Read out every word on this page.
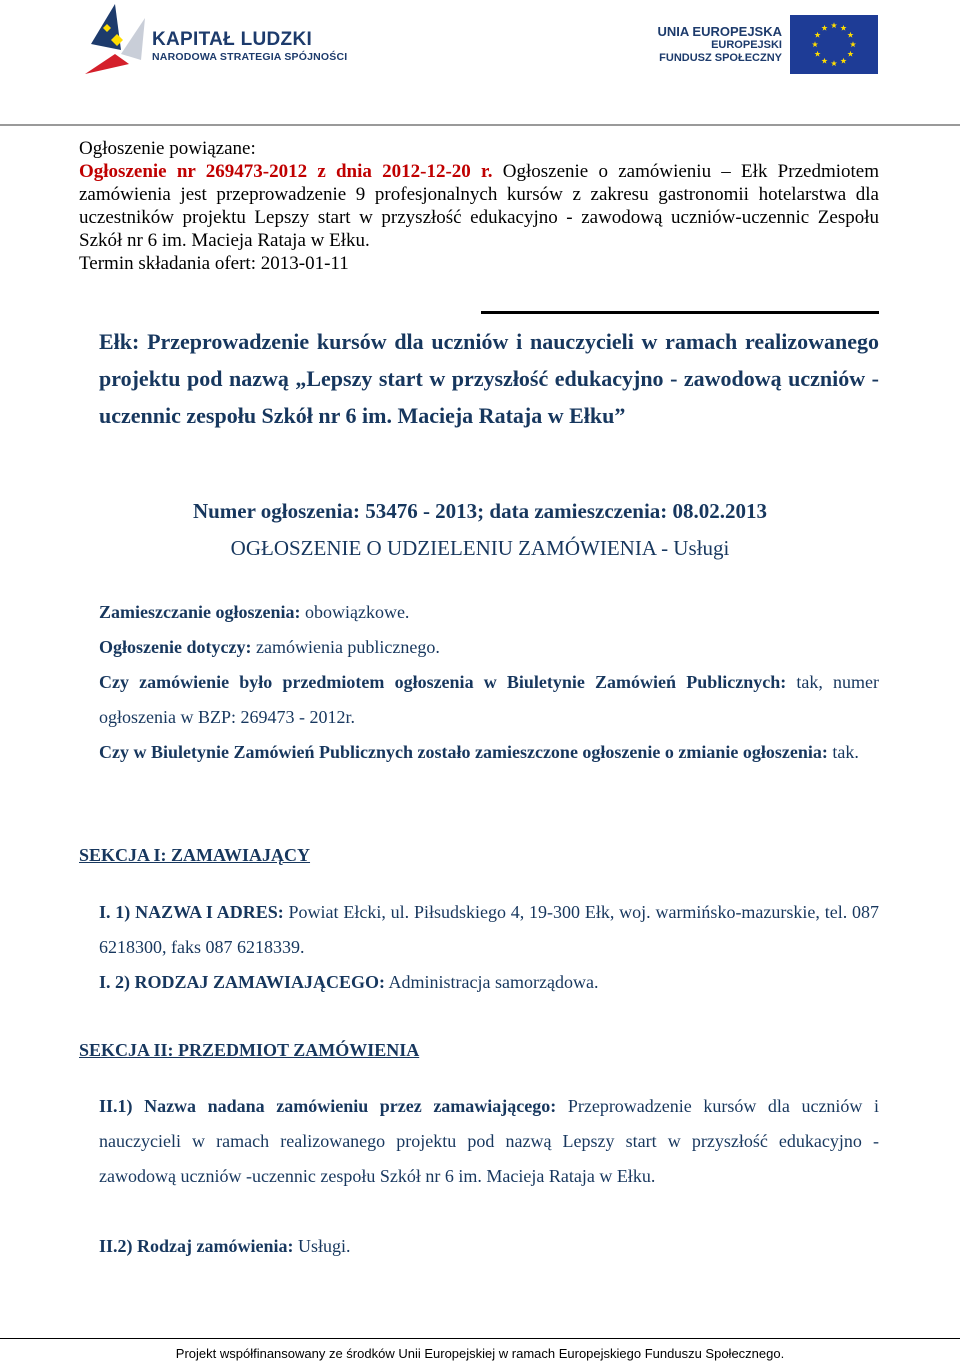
KAPITAŁ LUDZKI
NARODOWA STRATEGIA SPÓJNOŚCI
UNIA EUROPEJSKA
EUROPEJSKI
FUNDUSZ SPOŁECZNY

Ogłoszenie powiązane:

Ogłoszenie nr 269473-2012 z dnia 2012-12-20 r. Ogłoszenie o zamówieniu – Ełk Przedmiotem zamówienia jest przeprowadzenie 9 profesjonalnych kursów z zakresu gastronomii hotelarstwa dla uczestników projektu Lepszy start w przyszłość edukacyjno - zawodową uczniów-uczennic Zespołu Szkół nr 6 im. Macieja Rataja w Ełku.

Termin składania ofert: 2013-01-11

Ełk: Przeprowadzenie kursów dla uczniów i nauczycieli w ramach realizowanego projektu pod nazwą „Lepszy start w przyszłość edukacyjno - zawodową uczniów -uczennic zespołu Szkół nr 6 im. Macieja Rataja w Ełku”
Numer ogłoszenia: 53476 - 2013; data zamieszczenia: 08.02.2013
OGŁOSZENIE O UDZIELENIU ZAMÓWIENIA - Usługi
Zamieszczanie ogłoszenia: obowiązkowe.
Ogłoszenie dotyczy: zamówienia publicznego.
Czy zamówienie było przedmiotem ogłoszenia w Biuletynie Zamówień Publicznych: tak, numer ogłoszenia w BZP: 269473 - 2012r.
Czy w Biuletynie Zamówień Publicznych zostało zamieszczone ogłoszenie o zmianie ogłoszenia: tak.
SEKCJA I: ZAMAWIAJĄCY
I. 1) NAZWA I ADRES: Powiat Ełcki, ul. Piłsudskiego 4, 19-300 Ełk, woj. warmińsko-mazurskie, tel. 087 6218300, faks 087 6218339.
I. 2) RODZAJ ZAMAWIAJĄCEGO: Administracja samorządowa.
SEKCJA II: PRZEDMIOT ZAMÓWIENIA
II.1) Nazwa nadana zamówieniu przez zamawiającego: Przeprowadzenie kursów dla uczniów i nauczycieli w ramach realizowanego projektu pod nazwą Lepszy start w przyszłość edukacyjno - zawodową uczniów -uczennic zespołu Szkół nr 6 im. Macieja Rataja w Ełku.
II.2) Rodzaj zamówienia: Usługi.
Projekt współfinansowany ze środków Unii Europejskiej w ramach Europejskiego Funduszu Społecznego.
